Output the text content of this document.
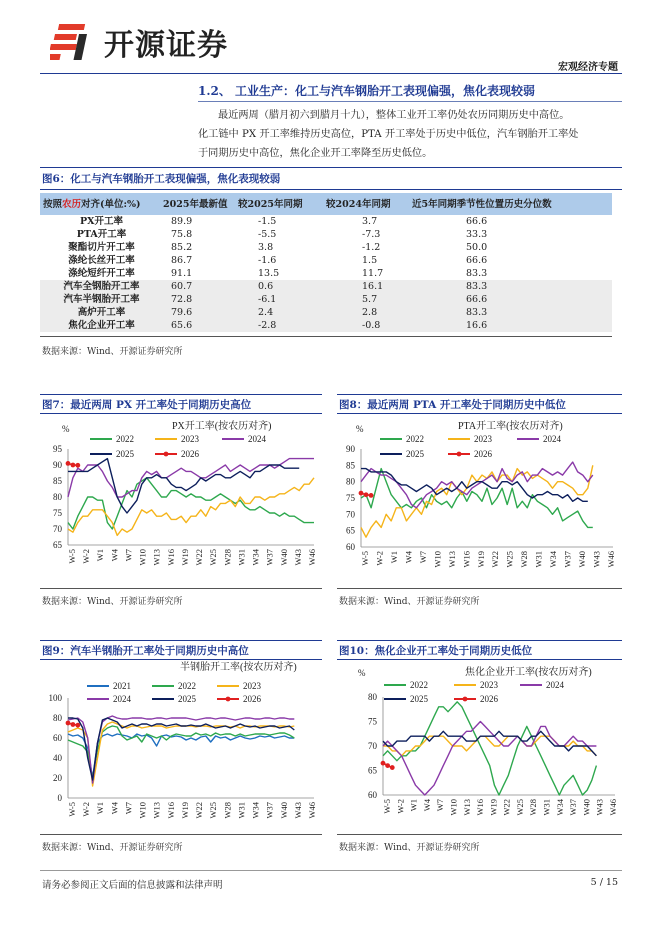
开源证券
宏观经济专题
1.2、 工业生产：化工与汽车钢胎开工表现偏强，焦化表现较弱
最近两周（腊月初六到腊月十九），整体工业开工率仍处农历同期历史中高位。
化工链中 PX 开工率维持历史高位，PTA 开工率处于历史中低位，汽车钢胎开工率处
于同期历史中高位，焦化企业开工率降至历史低位。
图6：化工与汽车钢胎开工表现偏强，焦化表现较弱
按照农历对齐(单位:%)	2025年最新值	较2025年同期	较2024年同期	近5年同期季节性位置历史分位数
PX开工率	89.9	-1.5	3.7	66.6
PTA开工率	75.8	-5.5	-7.3	33.3
聚酯切片开工率	85.2	3.8	-1.2	50.0
涤纶长丝开工率	86.7	-1.6	1.5	66.6
涤纶短纤开工率	91.1	13.5	11.7	83.3
汽车全钢胎开工率	60.7	0.6	16.1	83.3
汽车半钢胎开工率	72.8	-6.1	5.7	66.6
高炉开工率	79.6	2.4	2.8	83.3
焦化企业开工率	65.6	-2.8	-0.8	16.6
数据来源：Wind、开源证券研究所
图7：最近两周 PX 开工率处于同期历史高位
数据来源：Wind、开源证券研究所
PX开工率(按农历对齐)
%
95
90
85
80
75
70
65
W-5 W-2 W1 W4 W7 W10 W13 W16 W19 W22 W25 W28 W31 W34 W37 W40 W43 W46
2022	2023	2024
2025	2026
图8：最近两周 PTA 开工率处于同期历史中低位
数据来源：Wind、开源证券研究所
PTA开工率(按农历对齐)
%
90
85
80
75
70
65
60
W-5 W-2 W1 W4 W7 W10 W13 W16 W19 W22 W25 W28 W31 W34 W37 W40 W43 W46
2022	2023	2024
2025	2026
图9：汽车半钢胎开工率处于同期历史中高位
数据来源：Wind、开源证券研究所
半钢胎开工率(按农历对齐)
100
80
60
40
20
0
W-5 W-2 W1 W4 W7 W10 W13 W16 W19 W22 W25 W28 W31 W34 W37 W40 W43 W46
2021	2022	2023
2024	2025	2026
图10：焦化企业开工率处于同期历史低位
数据来源：Wind、开源证券研究所
焦化企业开工率(按农历对齐)
%
80
75
70
65
60
W-5 W-2 W1 W4 W7 W10 W13 W16 W19 W22 W25 W28 W31 W34 W37 W40 W43 W46
2022	2023	2024
2025	2026
请务必参阅正文后面的信息披露和法律声明	5 / 15
